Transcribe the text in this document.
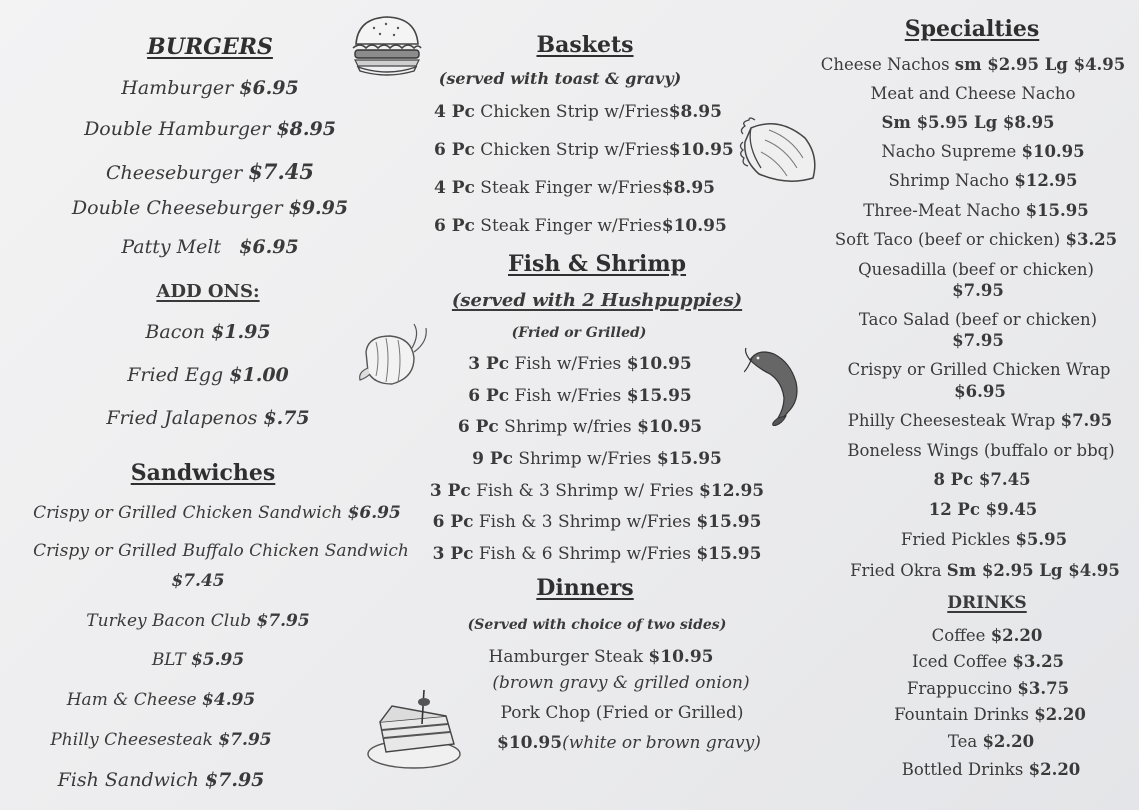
BURGERS
Hamburger $6.95
Double Hamburger $8.95
Cheeseburger $7.45
Double Cheeseburger $9.95
Patty Melt $6.95
ADD ONS:
Bacon $1.95
Fried Egg $1.00
Fried Jalapenos $.75
Sandwiches
Crispy or Grilled Chicken Sandwich $6.95
Crispy or Grilled Buffalo Chicken Sandwich
$7.45
Turkey Bacon Club $7.95
BLT $5.95
Ham & Cheese $4.95
Philly Cheesesteak $7.95
Fish Sandwich $7.95
Baskets
(served with toast & gravy)
4 Pc Chicken Strip w/Fries$8.95
6 Pc Chicken Strip w/Fries$10.95
4 Pc Steak Finger w/Fries$8.95
6 Pc Steak Finger w/Fries$10.95
Fish & Shrimp
(served with 2 Hushpuppies)
(Fried or Grilled)
3 Pc Fish w/Fries $10.95
6 Pc Fish w/Fries $15.95
6 Pc Shrimp w/fries $10.95
9 Pc Shrimp w/Fries $15.95
3 Pc Fish & 3 Shrimp w/ Fries $12.95
6 Pc Fish & 3 Shrimp w/Fries $15.95
3 Pc Fish & 6 Shrimp w/Fries $15.95
Dinners
(Served with choice of two sides)
Hamburger Steak $10.95
(brown gravy & grilled onion)
Pork Chop (Fried or Grilled)
$10.95(white or brown gravy)
Specialties
Cheese Nachos sm $2.95 Lg $4.95
Meat and Cheese Nacho
Sm $5.95 Lg $8.95
Nacho Supreme $10.95
Shrimp Nacho $12.95
Three-Meat Nacho $15.95
Soft Taco (beef or chicken) $3.25
Quesadilla (beef or chicken)
$7.95
Taco Salad (beef or chicken)
$7.95
Crispy or Grilled Chicken Wrap
$6.95
Philly Cheesesteak Wrap $7.95
Boneless Wings (buffalo or bbq)
8 Pc $7.45
12 Pc $9.45
Fried Pickles $5.95
Fried Okra Sm $2.95 Lg $4.95
DRINKS
Coffee $2.20
Iced Coffee $3.25
Frappuccino $3.75
Fountain Drinks $2.20
Tea $2.20
Bottled Drinks $2.20
